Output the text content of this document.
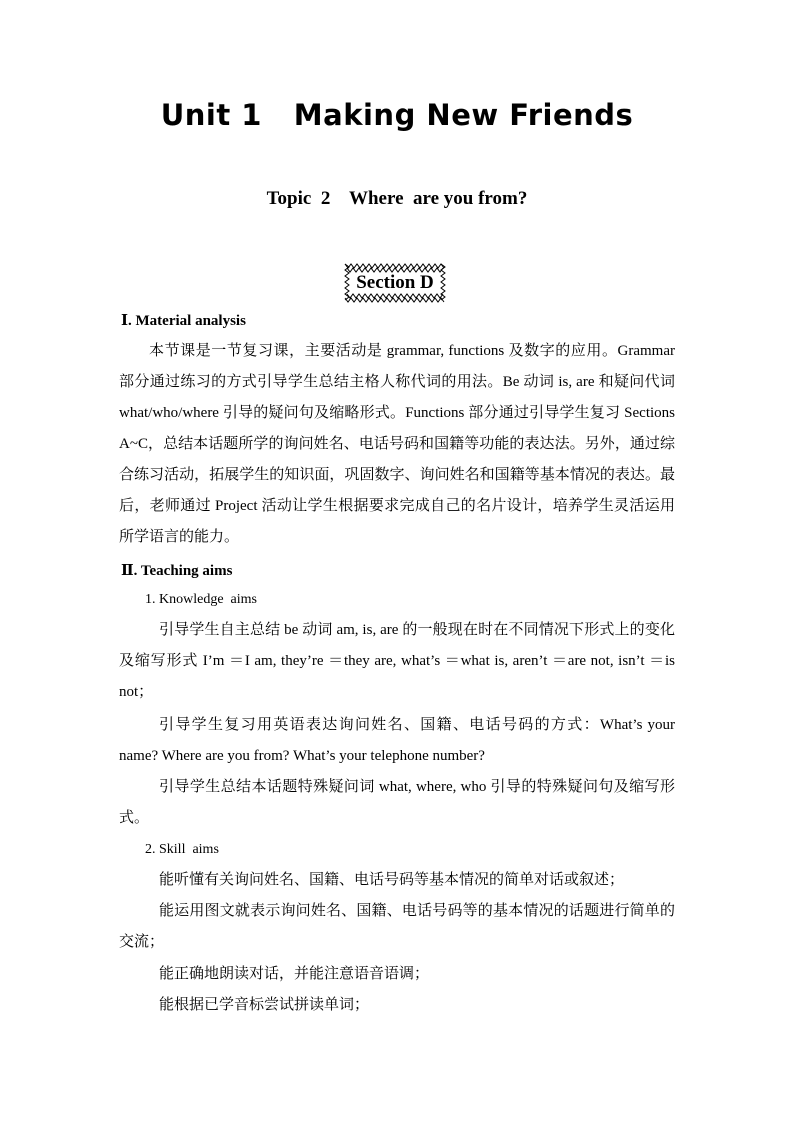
Unit 1   Making New Friends
Topic  2    Where  are you from?
Section D
Ⅰ. Material analysis

本节课是一节复习课，主要活动是 grammar, functions 及数字的应用。Grammar 部分通过练习的方式引导学生总结主格人称代词的用法。Be 动词 is, are 和疑问代词 what/who/where 引导的疑问句及缩略形式。Functions 部分通过引导学生复习 Sections A~C，总结本话题所学的询问姓名、电话号码和国籍等功能的表达法。另外，通过综合练习活动，拓展学生的知识面，巩固数字、询问姓名和国籍等基本情况的表达。最后，老师通过 Project 活动让学生根据要求完成自己的名片设计，培养学生灵活运用所学语言的能力。

Ⅱ. Teaching aims
1. Knowledge  aims

引导学生自主总结 be 动词 am, is, are 的一般现在时在不同情况下形式上的变化及缩写形式 I’m ＝I am, they’re ＝they are, what’s ＝what is, aren’t ＝are not, isn’t ＝is not；

引导学生复习用英语表达询问姓名、国籍、电话号码的方式：What’s your name? Where are you from? What’s your telephone number?

引导学生总结本话题特殊疑问词 what, where, who 引导的特殊疑问句及缩写形式。

2. Skill  aims

能听懂有关询问姓名、国籍、电话号码等基本情况的简单对话或叙述；

能运用图文就表示询问姓名、国籍、电话号码等的基本情况的话题进行简单的交流；

能正确地朗读对话，并能注意语音语调；

能根据已学音标尝试拼读单词；
